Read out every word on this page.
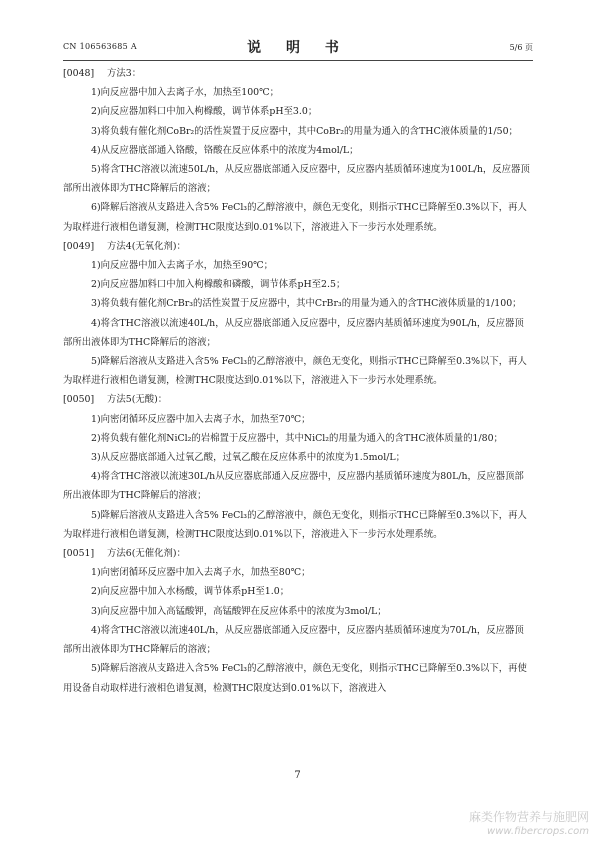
CN 106563685 A	说 明 书	5/6 页

[0048] 方法3：

1)向反应器中加入去离子水，加热至100℃；

2)向反应器加料口中加入枸橼酸，调节体系pH至3.0；

3)将负载有催化剂CoBr₂的活性炭置于反应器中，其中CoBr₂的用量为通入的含THC液体质量的1/50；

4)从反应器底部通入铬酸，铬酸在反应体系中的浓度为4mol/L；

5)将含THC溶液以流速50L/h，从反应器底部通入反应器中，反应器内基质循环速度为100L/h，反应器顶部所出液体即为THC降解后的溶液；

6)降解后溶液从支路进入含5% FeCl₃的乙醇溶液中，颜色无变化，则指示THC已降解至0.3%以下，再人为取样进行液相色谱复测，检测THC限度达到0.01%以下，溶液进入下一步污水处理系统。

[0049] 方法4(无氧化剂)：

1)向反应器中加入去离子水，加热至90℃；

2)向反应器加料口中加入枸橼酸和磷酸，调节体系pH至2.5；

3)将负载有催化剂CrBr₃的活性炭置于反应器中，其中CrBr₃的用量为通入的含THC液体质量的1/100；

4)将含THC溶液以流速40L/h，从反应器底部通入反应器中，反应器内基质循环速度为90L/h，反应器顶部所出液体即为THC降解后的溶液；

5)降解后溶液从支路进入含5% FeCl₃的乙醇溶液中，颜色无变化，则指示THC已降解至0.3%以下，再人为取样进行液相色谱复测，检测THC限度达到0.01%以下，溶液进入下一步污水处理系统。

[0050] 方法5(无酸)：

1)向密闭循环反应器中加入去离子水，加热至70℃；

2)将负载有催化剂NiCl₂的岩棉置于反应器中，其中NiCl₂的用量为通入的含THC液体质量的1/80；

3)从反应器底部通入过氧乙酸，过氧乙酸在反应体系中的浓度为1.5mol/L；

4)将含THC溶液以流速30L/h从反应器底部通入反应器中，反应器内基质循环速度为80L/h，反应器顶部所出液体即为THC降解后的溶液；

5)降解后溶液从支路进入含5% FeCl₃的乙醇溶液中，颜色无变化，则指示THC已降解至0.3%以下，再人为取样进行液相色谱复测，检测THC限度达到0.01%以下，溶液进入下一步污水处理系统。

[0051] 方法6(无催化剂)：

1)向密闭循环反应器中加入去离子水，加热至80℃；

2)向反应器中加入水杨酸，调节体系pH至1.0；

3)向反应器中加入高锰酸钾，高锰酸钾在反应体系中的浓度为3mol/L；

4)将含THC溶液以流速40L/h，从反应器底部通入反应器中，反应器内基质循环速度为70L/h，反应器顶部所出液体即为THC降解后的溶液；

5)降解后溶液从支路进入含5% FeCl₃的乙醇溶液中，颜色无变化，则指示THC已降解至0.3%以下，再使用设备自动取样进行液相色谱复测，检测THC限度达到0.01%以下，溶液进入

7
麻类作物营养与施肥网
www.fibercrops.com
